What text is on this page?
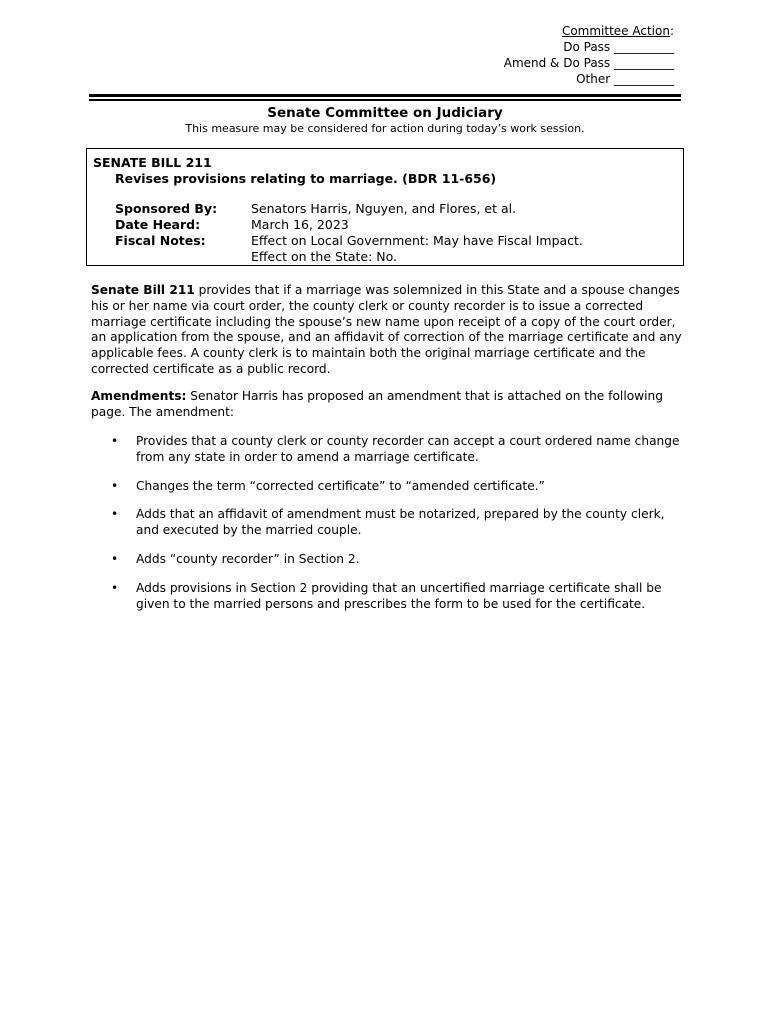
Committee Action:
Do Pass __________
Amend & Do Pass __________
Other __________
Senate Committee on Judiciary
This measure may be considered for action during today’s work session.
SENATE BILL 211
Revises provisions relating to marriage. (BDR 11-656)
Sponsored By:	Senators Harris, Nguyen, and Flores, et al.
Date Heard:	March 16, 2023
Fiscal Notes:	Effect on Local Government: May have Fiscal Impact.
Effect on the State: No.
Senate Bill 211 provides that if a marriage was solemnized in this State and a spouse changes his or her name via court order, the county clerk or county recorder is to issue a corrected marriage certificate including the spouse’s new name upon receipt of a copy of the court order, an application from the spouse, and an affidavit of correction of the marriage certificate and any applicable fees. A county clerk is to maintain both the original marriage certificate and the corrected certificate as a public record.
Amendments: Senator Harris has proposed an amendment that is attached on the following page. The amendment:
• Provides that a county clerk or county recorder can accept a court ordered name change from any state in order to amend a marriage certificate.
• Changes the term “corrected certificate” to “amended certificate.”
• Adds that an affidavit of amendment must be notarized, prepared by the county clerk, and executed by the married couple.
• Adds “county recorder” in Section 2.
• Adds provisions in Section 2 providing that an uncertified marriage certificate shall be given to the married persons and prescribes the form to be used for the certificate.
